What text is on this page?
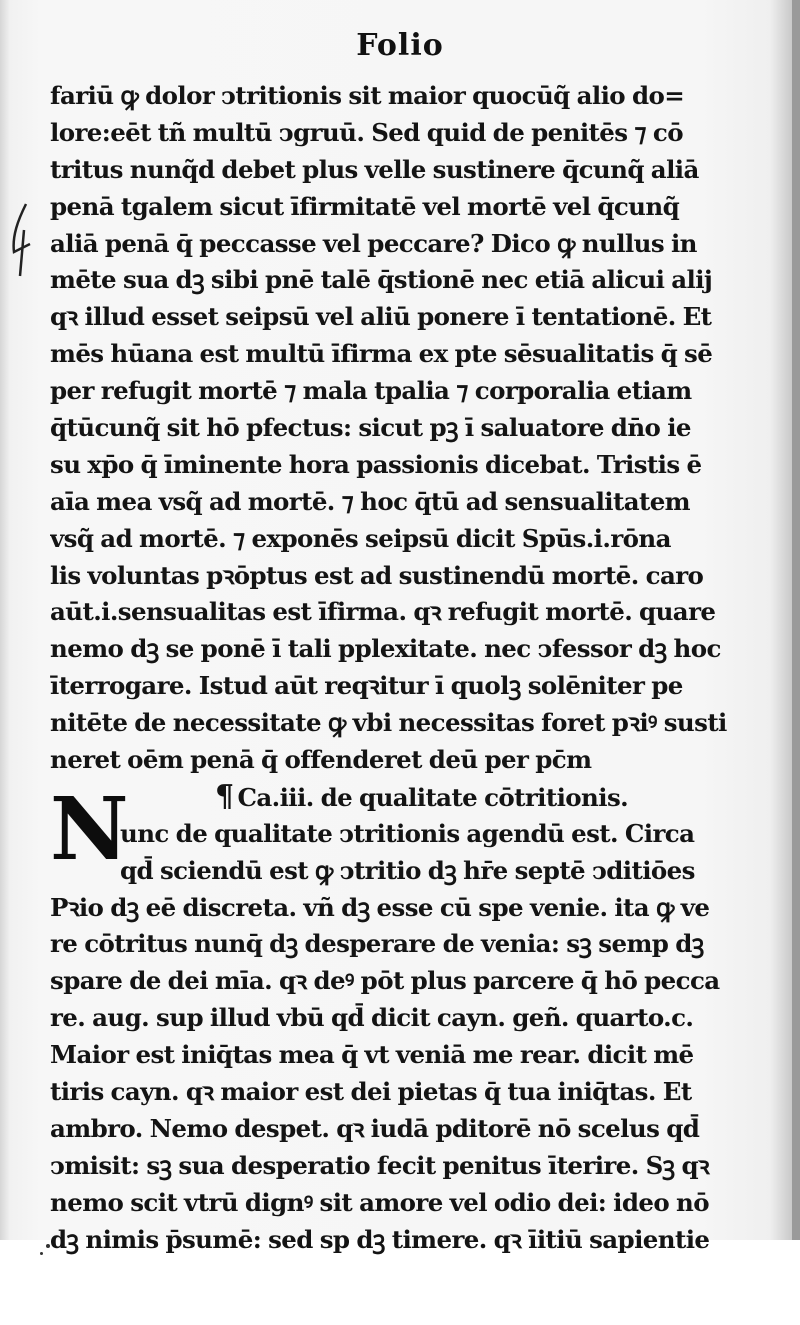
Folio
fariū ꝙ dolor ↄtritionis sit maior quocūq̃ alio do=
lore:eēt tñ multū ↄgruū. Sed quid de penitēs ⁊ cō
tritus nunq̃d debet plus velle sustinere q̄cunq̃ aliā
penā tgalem sicut īfirmitatē vel mortē vel q̄cunq̃
aliā penā q̄ peccasse vel peccare? Dico ꝙ nullus in
mēte sua dꝫ sibi pnē talē q̄stionē nec etiā alicui alij
qꝛ illud esset seipsū vel aliū ponere ī tentationē. Et
mēs hūana est multū īfirma ex pte sēsualitatis q̄ sē
per refugit mortē ⁊ mala tpalia ⁊ corporalia etiam
q̄tūcunq̃ sit hō pfectus: sicut pꝫ ī saluatore dn̄o ie
su xp̄o q̄ īminente hora passionis dicebat. Tristis ē
aīa mea vsq̃ ad mortē. ⁊ hoc q̄tū ad sensualitatem
vsq̃ ad mortē. ⁊ exponēs seipsū dicit Spūs.i.rōna
lis voluntas pꝛōptus est ad sustinendū mortē. caro
aūt.i.sensualitas est īfirma. qꝛ refugit mortē. quare
nemo dꝫ se ponē ī tali pplexitate. nec ↄfessor dꝫ hoc
īterrogare. Istud aūt reqꝛitur ī quolꝫ solēniter pe
nitēte de necessitate ꝙ vbi necessitas foret pꝛiꝰ susti
neret oēm penā q̄ offenderet deū per pc̄m
¶ Ca.iii. de qualitate cōtritionis.
unc de qualitate ↄtritionis agendū est. Circa
qd̄ sciendū est ꝙ ↄtritio dꝫ hr̄e septē ↄditiōes
Pꝛio dꝫ eē discreta. vñ dꝫ esse cū spe venie. ita ꝙ ve
re cōtritus nunq̄ dꝫ desperare de venia: sꝫ semp dꝫ
spare de dei mīa. qꝛ deꝰ pōt plus parcere q̄ hō pecca
re. aug. sup illud vbū qd̄ dicit cayn. geñ. quarto.c.
Maior est iniq̄tas mea q̄ vt veniā me rear. dicit mē
tiris cayn. qꝛ maior est dei pietas q̄ tua iniq̄tas. Et
ambro. Nemo despet. qꝛ iudā pditorē nō scelus qd̄
ↄmisit: sꝫ sua desperatio fecit penitus īterire. Sꝫ qꝛ
nemo scit vtrū dignꝰ sit amore vel odio dei: ideo nō
dꝫ nimis p̄sumē: sed sp dꝫ timere. qꝛ īitiū sapientie
N
